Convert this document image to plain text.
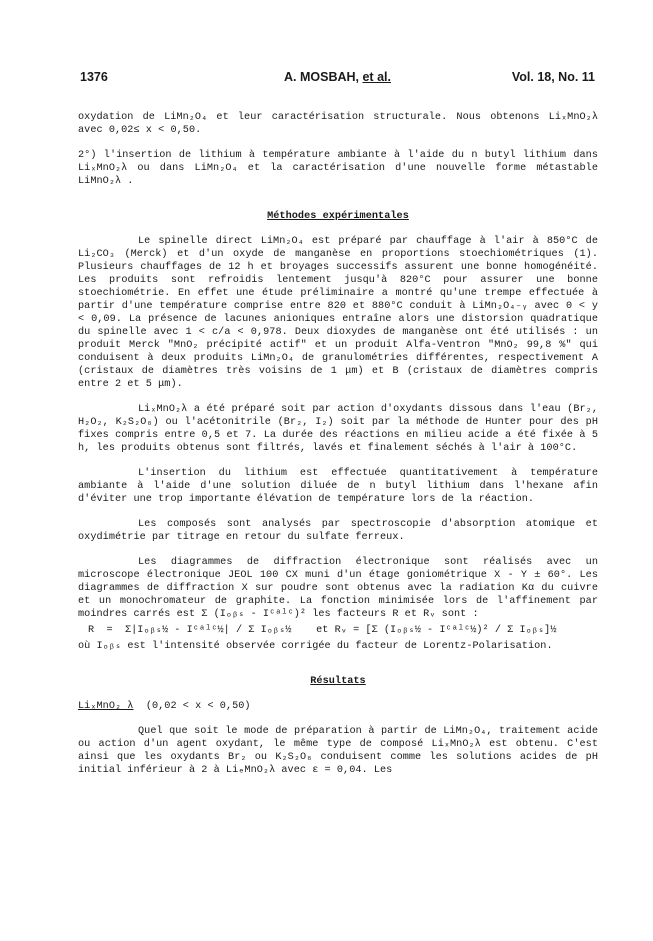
1376	A. MOSBAH, et al.	Vol. 18, No. 11

oxydation de LiMn₂O₄ et leur caractérisation structurale. Nous obtenons LiₓMnO₂λ avec 0,02≤ x < 0,50.

2°) l'insertion de lithium à température ambiante à l'aide du n butyl lithium dans LiₓMnO₂λ ou dans LiMn₂O₄ et la caractérisation d'une nouvelle forme métastable LiMnO₂λ .

Méthodes expérimentales

Le spinelle direct LiMn₂O₄ est préparé par chauffage à l'air à 850°C de Li₂CO₃ (Merck) et d'un oxyde de manganèse en proportions stoechiométriques (1). Plusieurs chauffages de 12 h et broyages successifs assurent une bonne homogénéité. Les produits sont refroidis lentement jusqu'à 820°C pour assurer une bonne stoechiométrie. En effet une étude préliminaire a montré qu'une trempe effectuée à partir d'une température comprise entre 820 et 880°C conduit à LiMn₂O₄₋ᵧ avec 0 < y < 0,09. La présence de lacunes anioniques entraîne alors une distorsion quadratique du spinelle avec 1 < c/a < 0,978. Deux dioxydes de manganèse ont été utilisés : un produit Merck "MnO₂ précipité actif" et un produit Alfa-Ventron "MnO₂ 99,8 %" qui conduisent à deux produits LiMn₂O₄ de granulométries différentes, respectivement A (cristaux de diamètres très voisins de 1 μm) et B (cristaux de diamètres compris entre 2 et 5 μm).

LiₓMnO₂λ a été préparé soit par action d'oxydants dissous dans l'eau (Br₂, H₂O₂, K₂S₂O₈) ou l'acétonitrile (Br₂, I₂) soit par la méthode de Hunter pour des pH fixes compris entre 0,5 et 7. La durée des réactions en milieu acide a été fixée à 5 h, les produits obtenus sont filtrés, lavés et finalement séchés à l'air à 100°C.

L'insertion du lithium est effectuée quantitativement à température ambiante à l'aide d'une solution diluée de n butyl lithium dans l'hexane afin d'éviter une trop importante élévation de température lors de la réaction.

Les composés sont analysés par spectroscopie d'absorption atomique et oxydimétrie par titrage en retour du sulfate ferreux.

Les diagrammes de diffraction électronique sont réalisés avec un microscope électronique JEOL 100 CX muni d'un étage goniométrique X - Y ± 60°. Les diagrammes de diffraction X sur poudre sont obtenus avec la radiation Kα du cuivre et un monochromateur de graphite. La fonction minimisée lors de l'affinement par moindres carrés est Σ (Iₒᵦₛ - Iᶜᵃˡᶜ)² les facteurs R et Rᵥ sont :

R  =  Σ|Iₒᵦₛ½ - Iᶜᵃˡᶜ½| / Σ Iₒᵦₛ½    et Rᵥ = [Σ (Iₒᵦₛ½ - Iᶜᵃˡᶜ½)² / Σ Iₒᵦₛ]½

où Iₒᵦₛ est l'intensité observée corrigée du facteur de Lorentz-Polarisation.

Résultats

LiₓMnO₂ λ (0,02 < x < 0,50)

Quel que soit le mode de préparation à partir de LiMn₂O₄, traitement acide ou action d'un agent oxydant, le même type de composé LiₓMnO₂λ est obtenu. C'est ainsi que les oxydants Br₂ ou K₂S₂O₈ conduisent comme les solutions acides de pH initial inférieur à 2 à LiₑMnO₂λ avec ε = 0,04. Les
